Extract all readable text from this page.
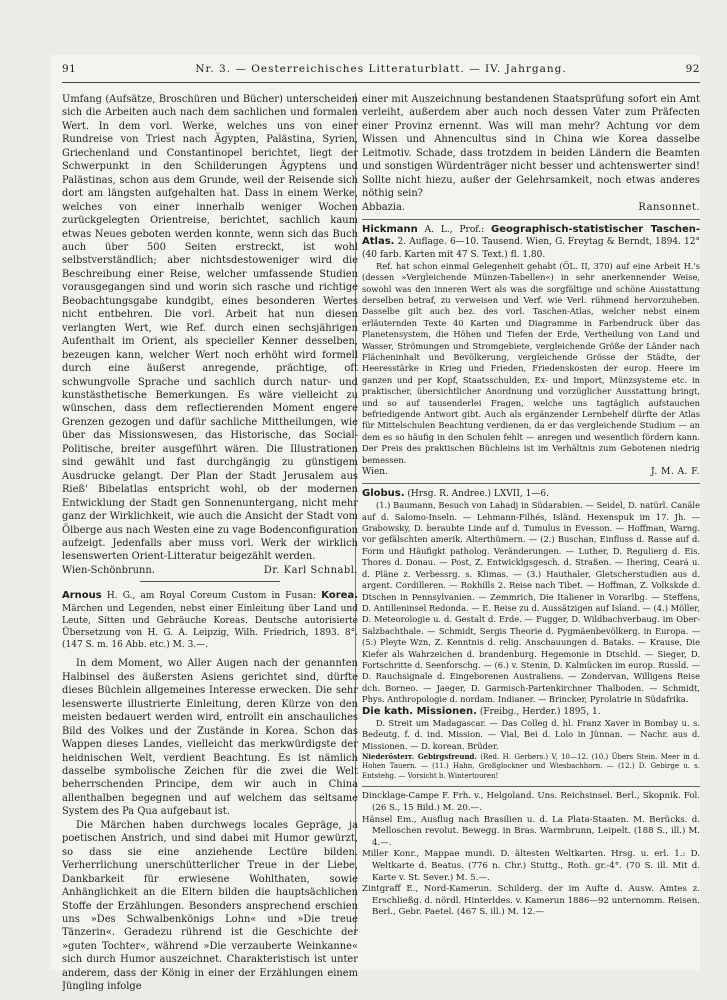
91	Nr. 3. — Oesterreichisches Litteraturblatt. — IV. Jahrgang.	92

Umfang (Aufsätze, Broschüren und Bücher) unterscheiden sich die Arbeiten auch nach dem sachlichen und formalen Wert. In dem vorl. Werke, welches uns von einer Rundreise von Triest nach Ägypten, Palästina, Syrien, Griechenland und Constantinopel berichtet, liegt der Schwerpunkt in den Schilderungen Ägyptens und Palästinas, schon aus dem Grunde, weil der Reisende sich dort am längsten aufgehalten hat. Dass in einem Werke, welches von einer innerhalb weniger Wochen zurückgelegten Orientreise, berichtet, sachlich kaum etwas Neues geboten werden konnte, wenn sich das Buch auch über 500 Seiten erstreckt, ist wohl selbstverständlich; aber nichtsdestoweniger wird die Beschreibung einer Reise, welcher umfassende Studien vorausgegangen sind und worin sich rasche und richtige Beobachtungsgabe kundgibt, eines besonderen Wertes nicht entbehren. Die vorl. Arbeit hat nun diesen verlangten Wert, wie Ref. durch einen sechsjährigen Aufenthalt im Orient, als specieller Kenner desselben, bezeugen kann, welcher Wert noch erhöht wird formell durch eine äußerst anregende, prächtige, oft schwungvolle Sprache und sachlich durch natur- und kunstästhetische Bemerkungen. Es wäre vielleicht zu wünschen, dass dem reflectierenden Moment engere Grenzen gezogen und dafür sachliche Mittheilungen, wie über das Missionswesen, das Historische, das Social-Politische, breiter ausgeführt wären. Die Illustrationen sind gewählt und fast durchgängig zu günstigem Ausdrucke gelangt. Der Plan der Stadt Jerusalem aus Rieß' Bibelatlas entspricht wohl, ob der modernen Entwicklung der Stadt gen Sonnenuntergang, nicht mehr ganz der Wirklichkeit, wie auch die Ansicht der Stadt vom Ölberge aus nach Westen eine zu vage Bodenconfiguration aufzeigt. Jedenfalls aber muss vorl. Werk der wirklich lesenswerten Orient-Litteratur beigezählt werden.

Wien-Schönbrunn.	Dr. Karl Schnabl.

Arnous H. G., am Royal Coreum Custom in Fusan: Korea. Märchen und Legenden, nebst einer Einleitung über Land und Leute, Sitten und Gebräuche Koreas. Deutsche autorisierte Übersetzung von H. G. A. Leipzig, Wilh. Friedrich, 1893. 8°. (147 S. m. 16 Abb. etc.) M. 3.—.

In dem Moment, wo Aller Augen nach der genannten Halbinsel des äußersten Asiens gerichtet sind, dürfte dieses Büchlein allgemeines Interesse erwecken. Die sehr lesenswerte illustrierte Einleitung, deren Kürze von den meisten bedauert werden wird, entrollt ein anschauliches Bild des Volkes und der Zustände in Korea. Schon das Wappen dieses Landes, vielleicht das merkwürdigste der heidnischen Welt, verdient Beachtung. Es ist nämlich dasselbe symbolische Zeichen für die zwei die Welt beherrschenden Principe, dem wir auch in China allenthalben begegnen und auf welchem das seltsame System des Pa Qua aufgebaut ist.

Die Märchen haben durchwegs locales Gepräge, ja poetischen Anstrich, und sind dabei mit Humor gewürzt, so dass sie eine anziehende Lectüre bilden. Verherrlichung unerschütterlicher Treue in der Liebe, Dankbarkeit für erwiesene Wohlthaten, sowie Anhänglichkeit an die Eltern bilden die hauptsächlichen Stoffe der Erzählungen. Besonders ansprechend erschien uns »Des Schwalbenkönigs Lohn« und »Die treue Tänzerin«. Geradezu rührend ist die Geschichte der »guten Tochter«, während »Die verzauberte Weinkanne« sich durch Humor auszeichnet. Charakteristisch ist unter anderem, dass der König in einer der Erzählungen einem Jüngling infolge

einer mit Auszeichnung bestandenen Staatsprüfung sofort ein Amt verleiht, außerdem aber auch noch dessen Vater zum Präfecten einer Provinz ernennt. Was will man mehr? Achtung vor dem Wissen und Ahnencultus sind in China wie Korea dasselbe Leitmotiv. Schade, dass trotzdem in beiden Ländern die Beamten und sonstigen Würdenträger nicht besser und achtenswerter sind! Sollte nicht hiezu, außer der Gelehrsamkeit, noch etwas anderes nöthig sein?

Abbazia.	Ransonnet.

Hickmann A. L., Prof.: Geographisch-statistischer Taschen-Atlas. 2. Auflage. 6—10. Tausend. Wien, G. Freytag & Berndt, 1894. 12° (40 farb. Karten mit 47 S. Text.) fl. 1.80.

Ref. hat schon einmal Gelegenheit gehabt (ÖL. II, 370) auf eine Arbeit H.'s (dessen »Vergleichende Münzen-Tabellen«) in sehr anerkennender Weise, sowohl was den inneren Wert als was die sorgfältige und schöne Ausstattung derselben betraf, zu verweisen und Verf. wie Verl. rühmend hervorzuheben. Dasselbe gilt auch bez. des vorl. Taschen-Atlas, welcher nebst einem erläuternden Texte 40 Karten und Diagramme in Farbendruck über das Planetensystem, die Höhen und Tiefen der Erde, Vertheilung von Land und Wasser, Strömungen und Stromgebiete, vergleichende Größe der Länder nach Flächeninhalt und Bevölkerung, vergleichende Grösse der Städte, der Heeresstärke in Krieg und Frieden, Friedenskosten der europ. Heere im ganzen und per Kopf, Staatsschulden, Ex- und Import, Münzsysteme etc. in praktischer, übersichtlicher Anordnung und vorzüglicher Ausstattung bringt, und so auf tausenderlei Fragen, welche uns tagtäglich aufstauchen befriedigende Antwort gibt. Auch als ergänzender Lernbehelf dürfte der Atlas für Mittelschulen Beachtung verdienen, da er das vergleichende Studium — an dem es so häufig in den Schulen fehlt — anregen und wesentlich fördern kann. Der Preis des praktischen Büchleins ist im Verhältnis zum Gebotenen niedrig bemessen.

Wien.	J. M. A. F.

Globus. (Hrsg. R. Andree.) LXVII, 1—6.

(1.) Baumann, Besuch von Lahadj in Südarabien. — Seidel, D. natürl. Canäle auf d. Salomo-Inseln. — Lehmann-Filhés, Isländ. Hexenspuk im 17. Jh. — Grabowsky, D. beraubte Linde auf d. Tumulus in Evesson. — Hoffman, Warng. vor gefälschten amerik. Alterthümern. — (2.) Buschan, Einfluss d. Rasse auf d. Form und Häufigkt patholog. Veränderungen. — Luther, D. Regulierg d. Eis. Thores d. Donau. — Post, Z. Entwicklgsgesch. d. Straßen. — Ihering, Ceará u. d. Pläne z. Verbessrg. s. Klimas. — (3.) Hauthaler, Gletscherstudien aus d. argent. Cordilleren. — Rokhills 2. Reise nach Tibet. — Hoffman, Z. Volkskde d. Dtschen in Pennsylvanien. — Zemmrich, Die Italiener in Vorarlbg. — Steffens, D. Antilleninsel Redonda. — E. Reise zu d. Aussätzigen auf Island. — (4.) Möller, D. Meteorologie u. d. Gestalt d. Erde. — Fugger, D. Wildbachverbaug. im Ober-Salzbachthale. — Schmidt, Sergis Theorie d. Pygmäenbevölkerg. in Europa. — (5.) Pleyte Wzn, Z. Kenntnis d. relig. Anschauungen d. Bataks. — Krause, Die Kiefer als Wahrzeichen d. brandenburg. Hegemonie in Dtschld. — Sieger, D. Fortschritte d. Seenforschg. — (6.) v. Stenin, D. Kalmücken im europ. Russld. — D. Rauchsignale d. Eingeborenen Australiens. — Zondervan, Willigens Reise dch. Borneo. — Jaeger, D. Garmisch-Partenkirchner Thalboden. — Schmidt, Phys. Anthropologie d. nordam. Indianer. — Brincker, Pyrolatrie in Südafrika.

Die kath. Missionen. (Freibg., Herder.) 1895, 1.

D. Streit um Madagascar. — Das Colleg d. hl. Franz Xaver in Bombay u. s. Bedeutg. f. d. ind. Mission. — Vial, Bei d. Lolo in Jünnan. — Nachr. aus d. Missionen. — D. korean. Brüder.

Niederösterr. Gebirgsfreund. (Red. H. Gerbers.) V, 10—12. (10.) Übers Stein. Meer in d. Hohen Tauern. — (11.) Hahn, Großglockner und Wiesbachhorn. — (12.) D. Gebirge u. s. Entstehg. — Vorsicht b. Wintertouren!

Dincklage-Campe F. Frh. v., Helgoland. Uns. Reichsinsel. Berl., Skopnik. Fol. (26 S., 15 Bild.) M. 20.—.

Hänsel Em., Ausflug nach Brasilien u. d. La Plata-Staaten. M. Berücks. d. Melloschen revolut. Bewegg. in Bras. Warmbrunn, Leipelt. (188 S., ill.) M. 4.—.

Miller Konr., Mappae mundi. D. ältesten Weltkarten. Hrsg. u. erl. 1.: D. Weltkarte d. Beatus. (776 n. Chr.) Stuttg., Roth. gr.-4°. (70 S. ill. Mit d. Karte v. St. Sever.) M. 5.—.

Zintgraff E., Nord-Kamerun. Schilderg. der im Aufte d. Ausw. Amtes z. Erschließg. d. nördl. Hinterldes. v. Kamerun 1886—92 unternomm. Reisen. Berl., Gebr. Paetel. (467 S. ill.) M. 12.—
